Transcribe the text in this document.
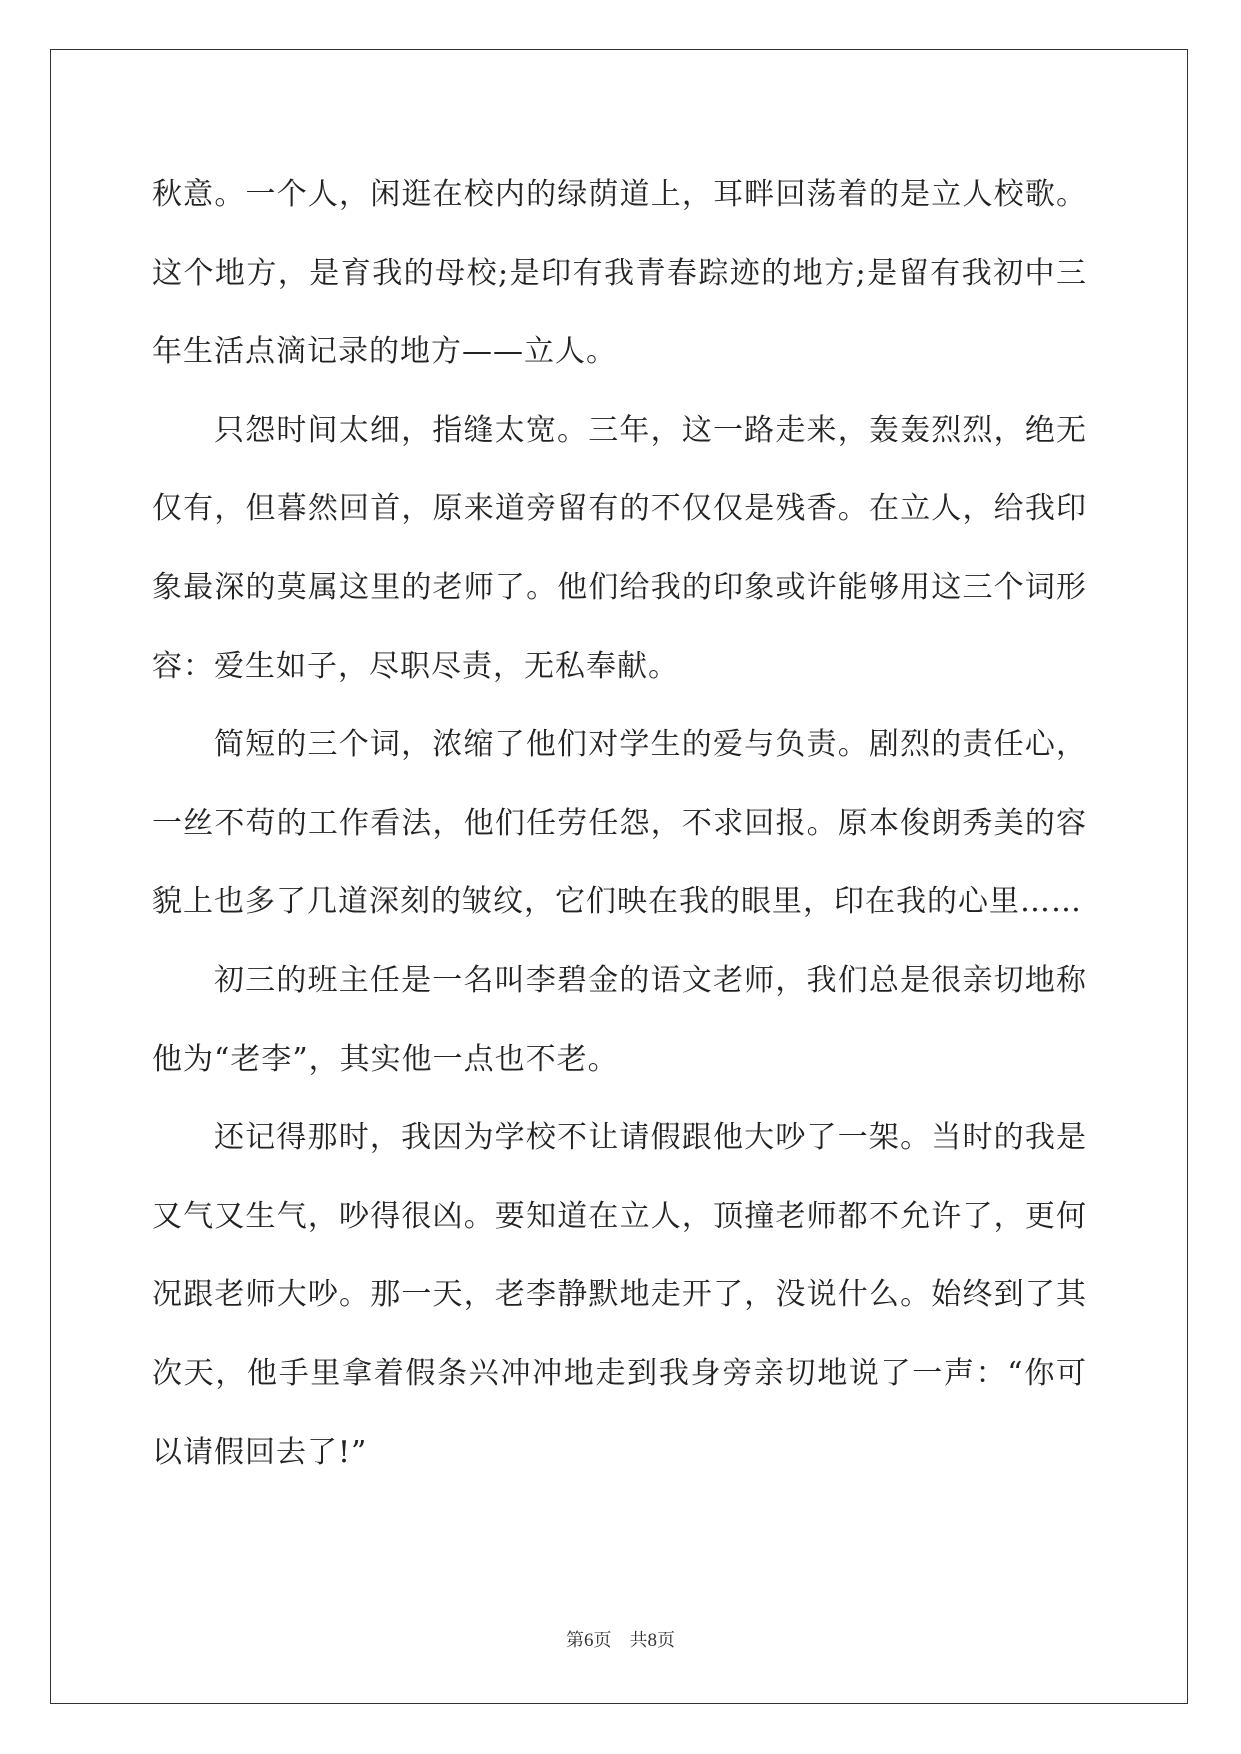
秋意。一个人，闲逛在校内的绿荫道上，耳畔回荡着的是立人校歌。这个地方，是育我的母校;是印有我青春踪迹的地方;是留有我初中三年生活点滴记录的地方——立人。

只怨时间太细，指缝太宽。三年，这一路走来，轰轰烈烈，绝无仅有，但暮然回首，原来道旁留有的不仅仅是残香。在立人，给我印象最深的莫属这里的老师了。他们给我的印象或许能够用这三个词形容：爱生如子，尽职尽责，无私奉献。

简短的三个词，浓缩了他们对学生的爱与负责。剧烈的责任心，一丝不苟的工作看法，他们任劳任怨，不求回报。原本俊朗秀美的容貌上也多了几道深刻的皱纹，它们映在我的眼里，印在我的心里……

初三的班主任是一名叫李碧金的语文老师，我们总是很亲切地称他为“老李”，其实他一点也不老。

还记得那时，我因为学校不让请假跟他大吵了一架。当时的我是又气又生气，吵得很凶。要知道在立人，顶撞老师都不允许了，更何况跟老师大吵。那一天，老李静默地走开了，没说什么。始终到了其次天，他手里拿着假条兴冲冲地走到我身旁亲切地说了一声：“你可以请假回去了!”

第6页 共8页
